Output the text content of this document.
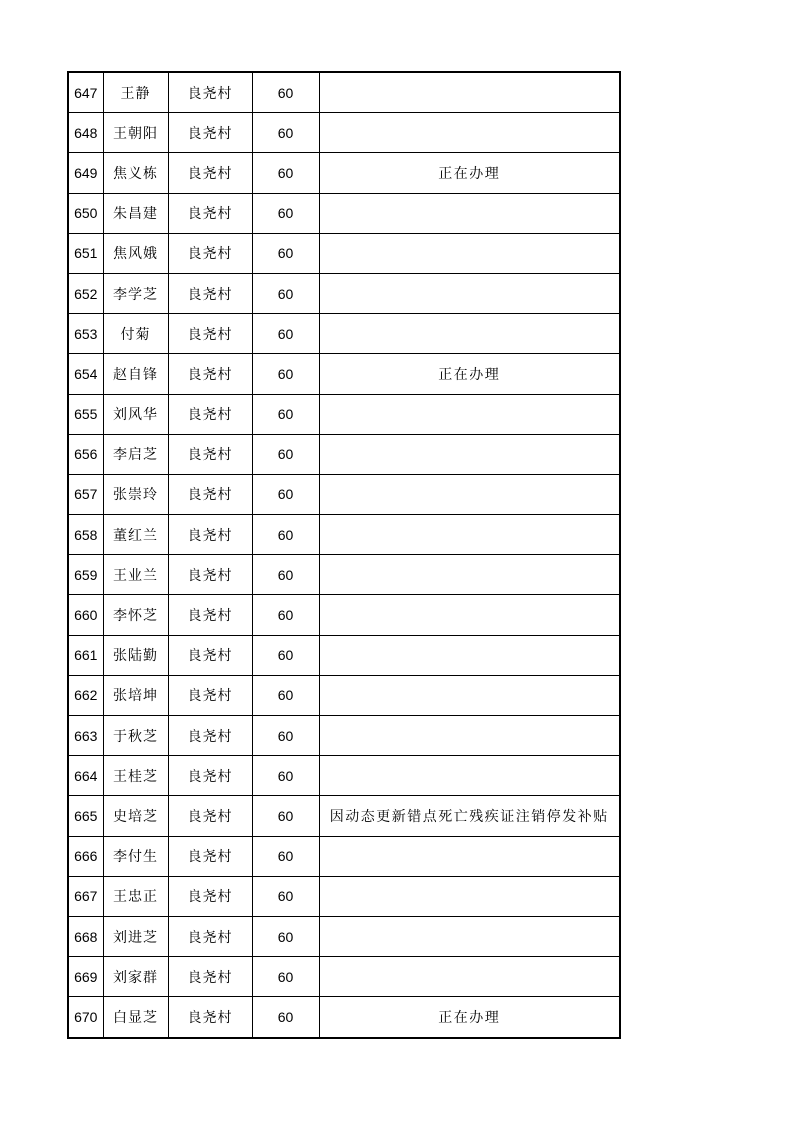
647	王静	良尧村	60	
648	王朝阳	良尧村	60	
649	焦义栋	良尧村	60	正在办理
650	朱昌建	良尧村	60	
651	焦风娥	良尧村	60	
652	李学芝	良尧村	60	
653	付菊	良尧村	60	
654	赵自锋	良尧村	60	正在办理
655	刘风华	良尧村	60	
656	李启芝	良尧村	60	
657	张崇玲	良尧村	60	
658	董红兰	良尧村	60	
659	王业兰	良尧村	60	
660	李怀芝	良尧村	60	
661	张陆勤	良尧村	60	
662	张培坤	良尧村	60	
663	于秋芝	良尧村	60	
664	王桂芝	良尧村	60	
665	史培芝	良尧村	60	因动态更新错点死亡残疾证注销停发补贴
666	李付生	良尧村	60	
667	王忠正	良尧村	60	
668	刘进芝	良尧村	60	
669	刘家群	良尧村	60	
670	白显芝	良尧村	60	正在办理
